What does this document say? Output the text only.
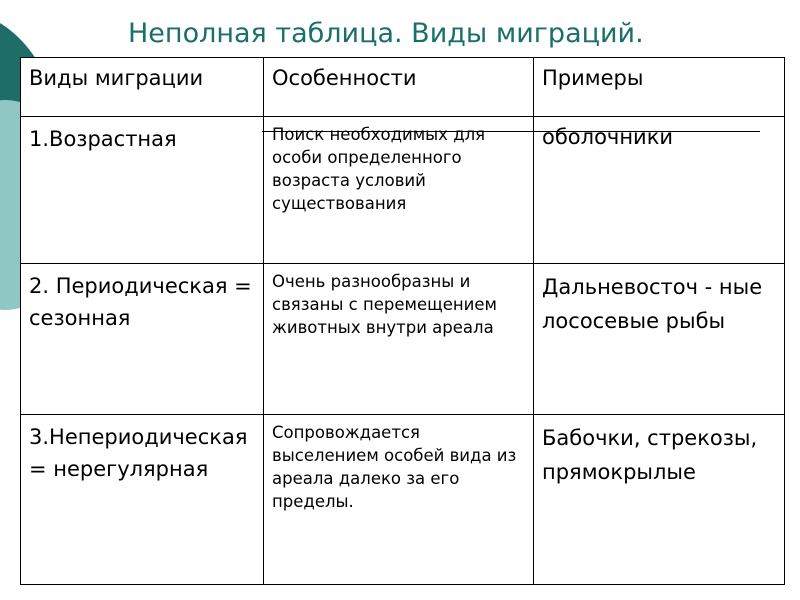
Неполная таблица. Виды миграций.
Виды миграции	Особенности	Примеры
1.Возрастная	Поиск необходимых для особи определенного возраста условий существования	оболочники
2. Периодическая = сезонная	Очень разнообразны и связаны с перемещением животных внутри ареала	Дальневосточ - ные лососевые рыбы
3.Непериодическая = нерегулярная	Сопровождается выселением особей вида из ареала далеко за его пределы.	Бабочки, стрекозы, прямокрылые
